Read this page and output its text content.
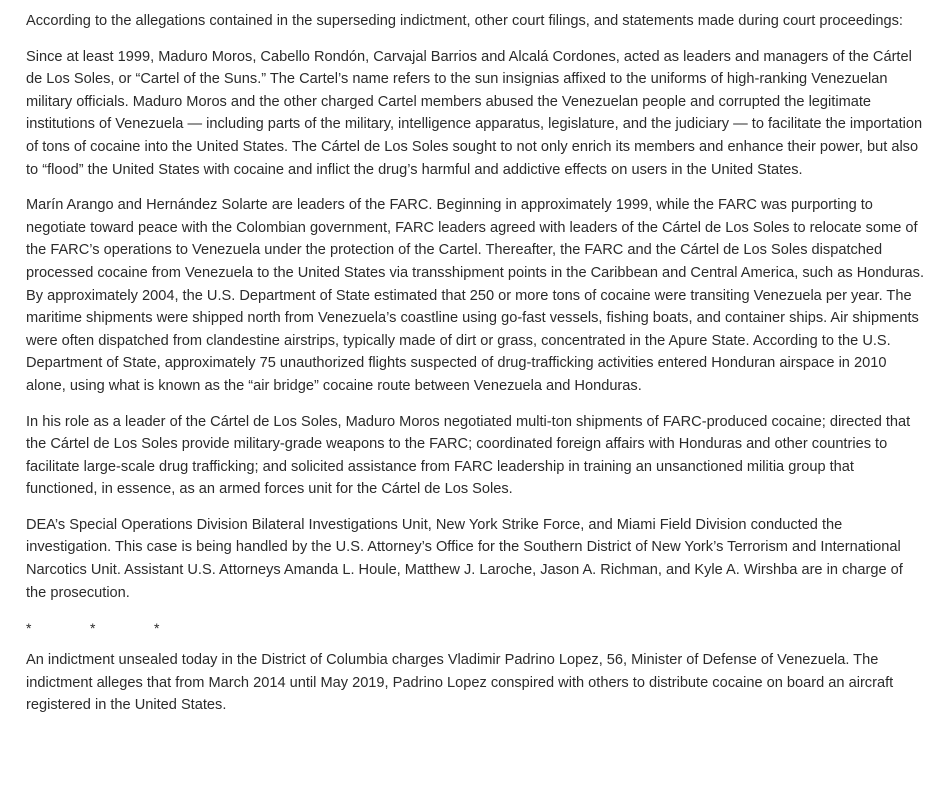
According to the allegations contained in the superseding indictment, other court filings, and statements made during court proceedings:

Since at least 1999, Maduro Moros, Cabello Rondón, Carvajal Barrios and Alcalá Cordones, acted as leaders and managers of the Cártel de Los Soles, or “Cartel of the Suns.” The Cartel’s name refers to the sun insignias affixed to the uniforms of high-ranking Venezuelan military officials. Maduro Moros and the other charged Cartel members abused the Venezuelan people and corrupted the legitimate institutions of Venezuela — including parts of the military, intelligence apparatus, legislature, and the judiciary — to facilitate the importation of tons of cocaine into the United States. The Cártel de Los Soles sought to not only enrich its members and enhance their power, but also to “flood” the United States with cocaine and inflict the drug’s harmful and addictive effects on users in the United States.

Marín Arango and Hernández Solarte are leaders of the FARC. Beginning in approximately 1999, while the FARC was purporting to negotiate toward peace with the Colombian government, FARC leaders agreed with leaders of the Cártel de Los Soles to relocate some of the FARC’s operations to Venezuela under the protection of the Cartel. Thereafter, the FARC and the Cártel de Los Soles dispatched processed cocaine from Venezuela to the United States via transshipment points in the Caribbean and Central America, such as Honduras. By approximately 2004, the U.S. Department of State estimated that 250 or more tons of cocaine were transiting Venezuela per year. The maritime shipments were shipped north from Venezuela’s coastline using go-fast vessels, fishing boats, and container ships. Air shipments were often dispatched from clandestine airstrips, typically made of dirt or grass, concentrated in the Apure State. According to the U.S. Department of State, approximately 75 unauthorized flights suspected of drug-trafficking activities entered Honduran airspace in 2010 alone, using what is known as the “air bridge” cocaine route between Venezuela and Honduras.

In his role as a leader of the Cártel de Los Soles, Maduro Moros negotiated multi-ton shipments of FARC-produced cocaine; directed that the Cártel de Los Soles provide military-grade weapons to the FARC; coordinated foreign affairs with Honduras and other countries to facilitate large-scale drug trafficking; and solicited assistance from FARC leadership in training an unsanctioned militia group that functioned, in essence, as an armed forces unit for the Cártel de Los Soles.

DEA’s Special Operations Division Bilateral Investigations Unit, New York Strike Force, and Miami Field Division conducted the investigation. This case is being handled by the U.S. Attorney’s Office for the Southern District of New York’s Terrorism and International Narcotics Unit. Assistant U.S. Attorneys Amanda L. Houle, Matthew J. Laroche, Jason A. Richman, and Kyle A. Wirshba are in charge of the prosecution.

*	*	*

An indictment unsealed today in the District of Columbia charges Vladimir Padrino Lopez, 56, Minister of Defense of Venezuela. The indictment alleges that from March 2014 until May 2019, Padrino Lopez conspired with others to distribute cocaine on board an aircraft registered in the United States.
